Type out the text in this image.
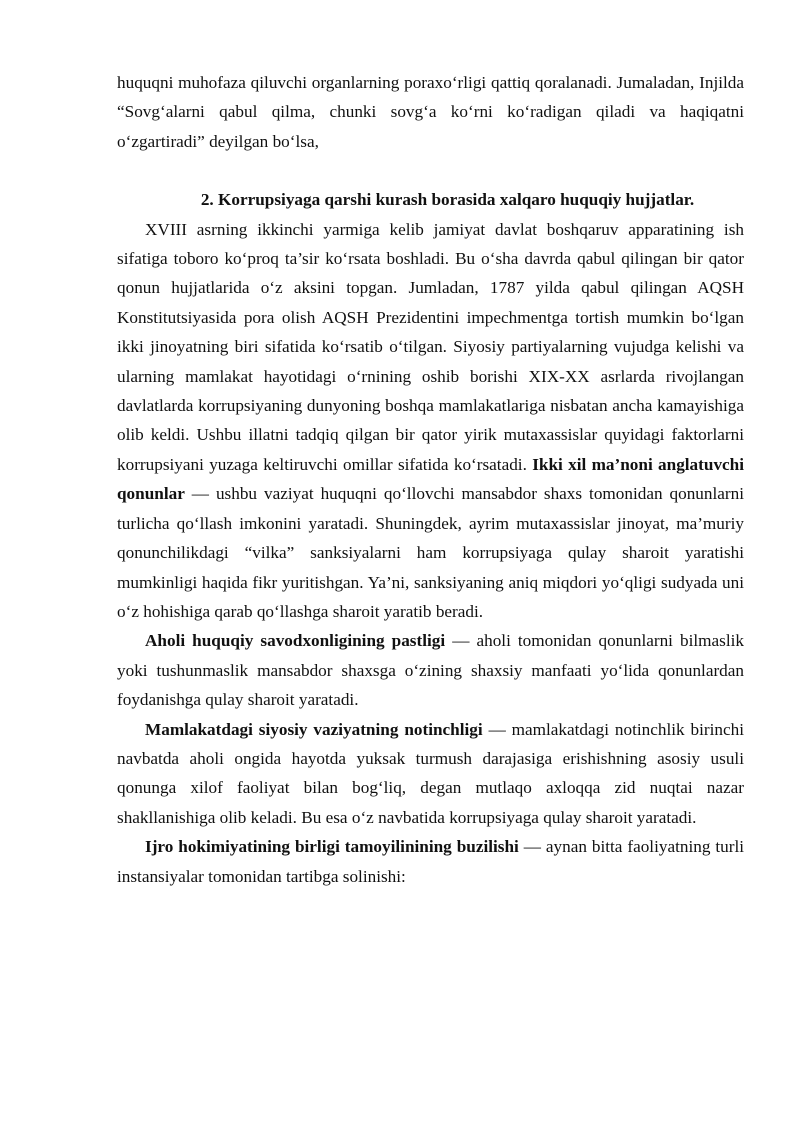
huquqni muhofaza qiluvchi organlarning poraxo‘rligi qattiq qoralanadi. Jumaladan, Injilda “Sovg‘alarni qabul qilma, chunki sovg‘a ko‘rni ko‘radigan qiladi va haqiqatni o‘zgartiradi” deyilgan bo‘lsa,

2. Korrupsiyaga qarshi kurash borasida xalqaro huquqiy hujjatlar.

XVIII asrning ikkinchi yarmiga kelib jamiyat davlat boshqaruv apparatining ish sifatiga toboro ko‘proq ta’sir ko‘rsata boshladi. Bu o‘sha davrda qabul qilingan bir qator qonun hujjatlarida o‘z aksini topgan. Jumladan, 1787 yilda qabul qilingan AQSH Konstitutsiyasida pora olish AQSH Prezidentini impechmentga tortish mumkin bo‘lgan ikki jinoyatning biri sifatida ko‘rsatib o‘tilgan. Siyosiy partiyalarning vujudga kelishi va ularning mamlakat hayotidagi o‘rnining oshib borishi XIX-XX asrlarda rivojlangan davlatlarda korrupsiyaning dunyoning boshqa mamlakatlariga nisbatan ancha kamayishiga olib keldi. Ushbu illatni tadqiq qilgan bir qator yirik mutaxassislar quyidagi faktorlarni korrupsiyani yuzaga keltiruvchi omillar sifatida ko‘rsatadi. Ikki xil ma’noni anglatuvchi qonunlar — ushbu vaziyat huquqni qo‘llovchi mansabdor shaxs tomonidan qonunlarni turlicha qo‘llash imkonini yaratadi. Shuningdek, ayrim mutaxassislar jinoyat, ma’muriy qonunchilikdagi “vilka” sanksiyalarni ham korrupsiyaga qulay sharoit yaratishi mumkinligi haqida fikr yuritishgan. Ya’ni, sanksiyaning aniq miqdori yo‘qligi sudyada uni o‘z hohishiga qarab qo‘llashga sharoit yaratib beradi.

Aholi huquqiy savodxonligining pastligi — aholi tomonidan qonunlarni bilmaslik yoki tushunmaslik mansabdor shaxsga o‘zining shaxsiy manfaati yo‘lida qonunlardan foydanishga qulay sharoit yaratadi.

Mamlakatdagi siyosiy vaziyatning notinchligi — mamlakatdagi notinchlik birinchi navbatda aholi ongida hayotda yuksak turmush darajasiga erishishning asosiy usuli qonunga xilof faoliyat bilan bog‘liq, degan mutlaqo axloqqa zid nuqtai nazar shakllanishiga olib keladi. Bu esa o‘z navbatida korrupsiyaga qulay sharoit yaratadi.

Ijro hokimiyatining birligi tamoyilinining buzilishi — aynan bitta faoliyatning turli instansiyalar tomonidan tartibga solinishi:
